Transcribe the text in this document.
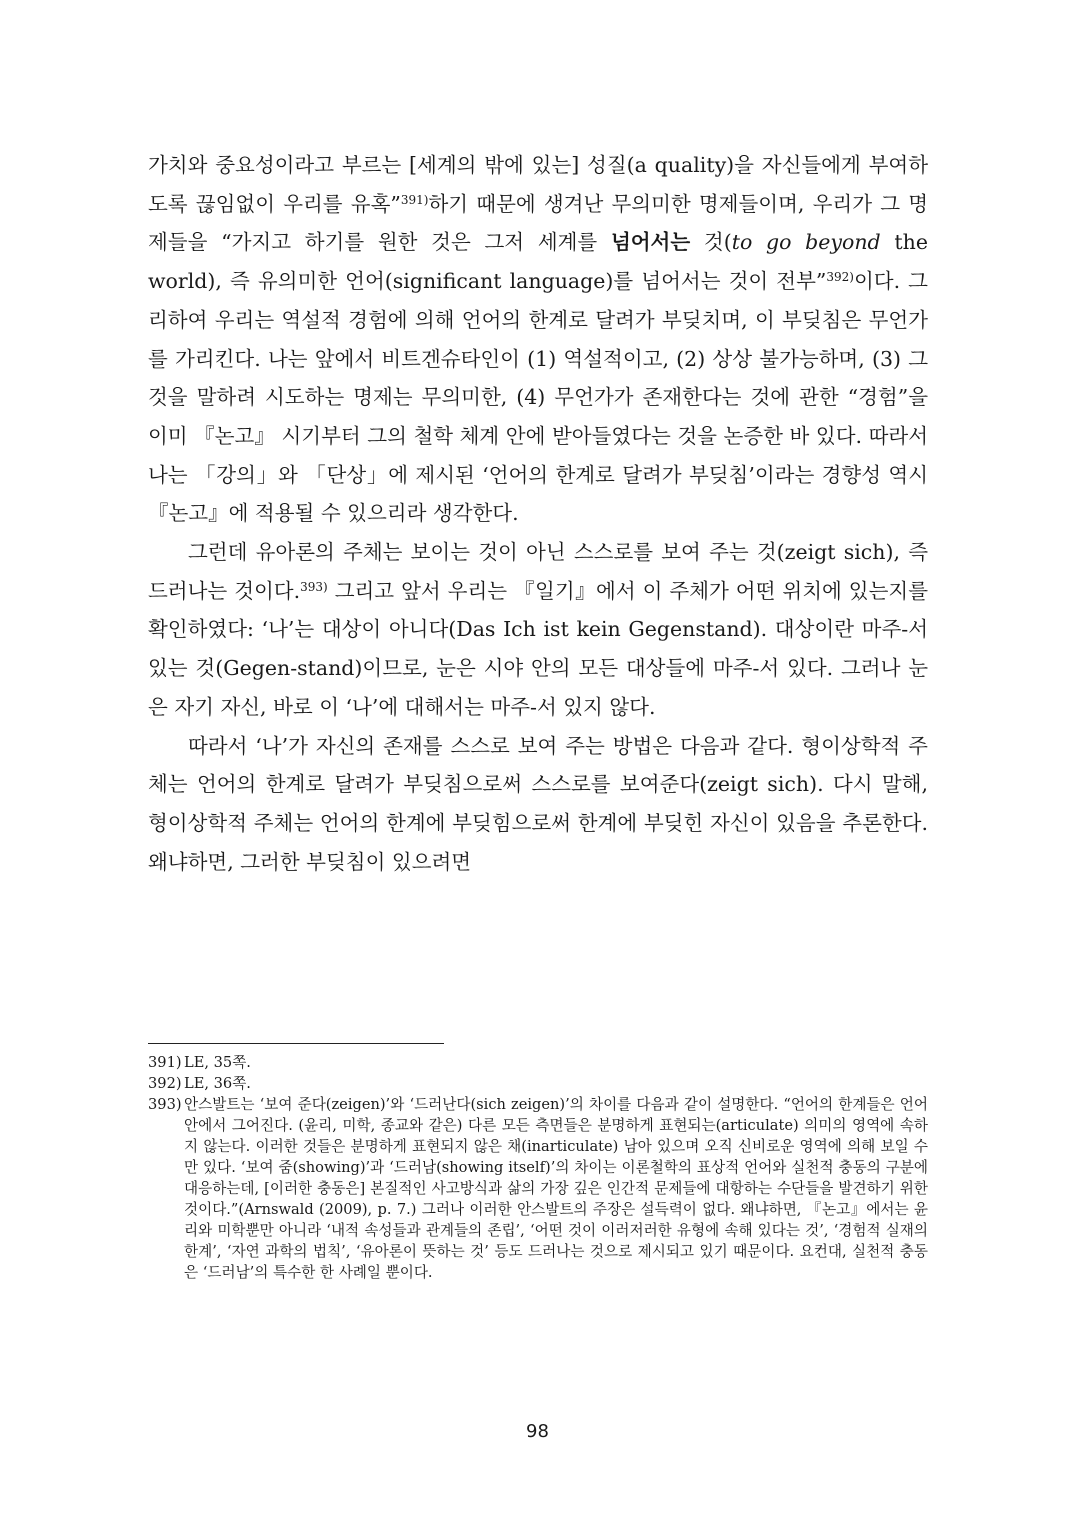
가치와 중요성이라고 부르는 [세계의 밖에 있는] 성질(a quality)을 자신들에게 부여하도록 끊임없이 우리를 유혹”$^{391)}$하기 때문에 생겨난 무의미한 명제들이며, 우리가 그 명제들을 “가지고 하기를 원한 것은 그저 세계를 넘어서는 것(to go beyond the world), 즉 유의미한 언어(significant language)를 넘어서는 것이 전부”$^{392)}$이다. 그리하여 우리는 역설적 경험에 의해 언어의 한계로 달려가 부딪치며, 이 부딪침은 무언가를 가리킨다. 나는 앞에서 비트겐슈타인이 (1) 역설적이고, (2) 상상 불가능하며, (3) 그것을 말하려 시도하는 명제는 무의미한, (4) 무언가가 존재한다는 것에 관한 “경험”을 이미 『논고』 시기부터 그의 철학 체계 안에 받아들였다는 것을 논증한 바 있다. 따라서 나는 「강의」와 「단상」에 제시된 ‘언어의 한계로 달려가 부딪침’이라는 경향성 역시 『논고』에 적용될 수 있으리라 생각한다.

그런데 유아론의 주체는 보이는 것이 아닌 스스로를 보여 주는 것(zeigt sich), 즉 드러나는 것이다.$^{393)}$ 그리고 앞서 우리는 『일기』에서 이 주체가 어떤 위치에 있는지를 확인하였다: ‘나’는 대상이 아니다(Das Ich ist kein Gegenstand). 대상이란 마주-서 있는 것(Gegen-stand)이므로, 눈은 시야 안의 모든 대상들에 마주-서 있다. 그러나 눈은 자기 자신, 바로 이 ‘나’에 대해서는 마주-서 있지 않다.

따라서 ‘나’가 자신의 존재를 스스로 보여 주는 방법은 다음과 같다. 형이상학적 주체는 언어의 한계로 달려가 부딪침으로써 스스로를 보여준다(zeigt sich). 다시 말해, 형이상학적 주체는 언어의 한계에 부딪힘으로써 한계에 부딪힌 자신이 있음을 추론한다. 왜냐하면, 그러한 부딪침이 있으려면

391) LE, 35쪽.
392) LE, 36쪽.
393) 안스발트는 ‘보여 준다(zeigen)’와 ‘드러난다(sich zeigen)’의 차이를 다음과 같이 설명한다. “언어의 한계들은 언어 안에서 그어진다. (윤리, 미학, 종교와 같은) 다른 모든 측면들은 분명하게 표현되는(articulate) 의미의 영역에 속하지 않는다. 이러한 것들은 분명하게 표현되지 않은 채(inarticulate) 남아 있으며 오직 신비로운 영역에 의해 보일 수만 있다. ‘보여 줌(showing)’과 ‘드러남(showing itself)’의 차이는 이론철학의 표상적 언어와 실천적 충동의 구분에 대응하는데, [이러한 충동은] 본질적인 사고방식과 삶의 가장 깊은 인간적 문제들에 대항하는 수단들을 발견하기 위한 것이다.”(Arnswald (2009), p. 7.) 그러나 이러한 안스발트의 주장은 설득력이 없다. 왜냐하면, 『논고』에서는 윤리와 미학뿐만 아니라 ‘내적 속성들과 관계들의 존립’, ‘어떤 것이 이러저러한 유형에 속해 있다는 것’, ‘경험적 실재의 한계’, ‘자연 과학의 법칙’, ‘유아론이 뜻하는 것’ 등도 드러나는 것으로 제시되고 있기 때문이다. 요컨대, 실천적 충동은 ‘드러남’의 특수한 한 사례일 뿐이다.
98
